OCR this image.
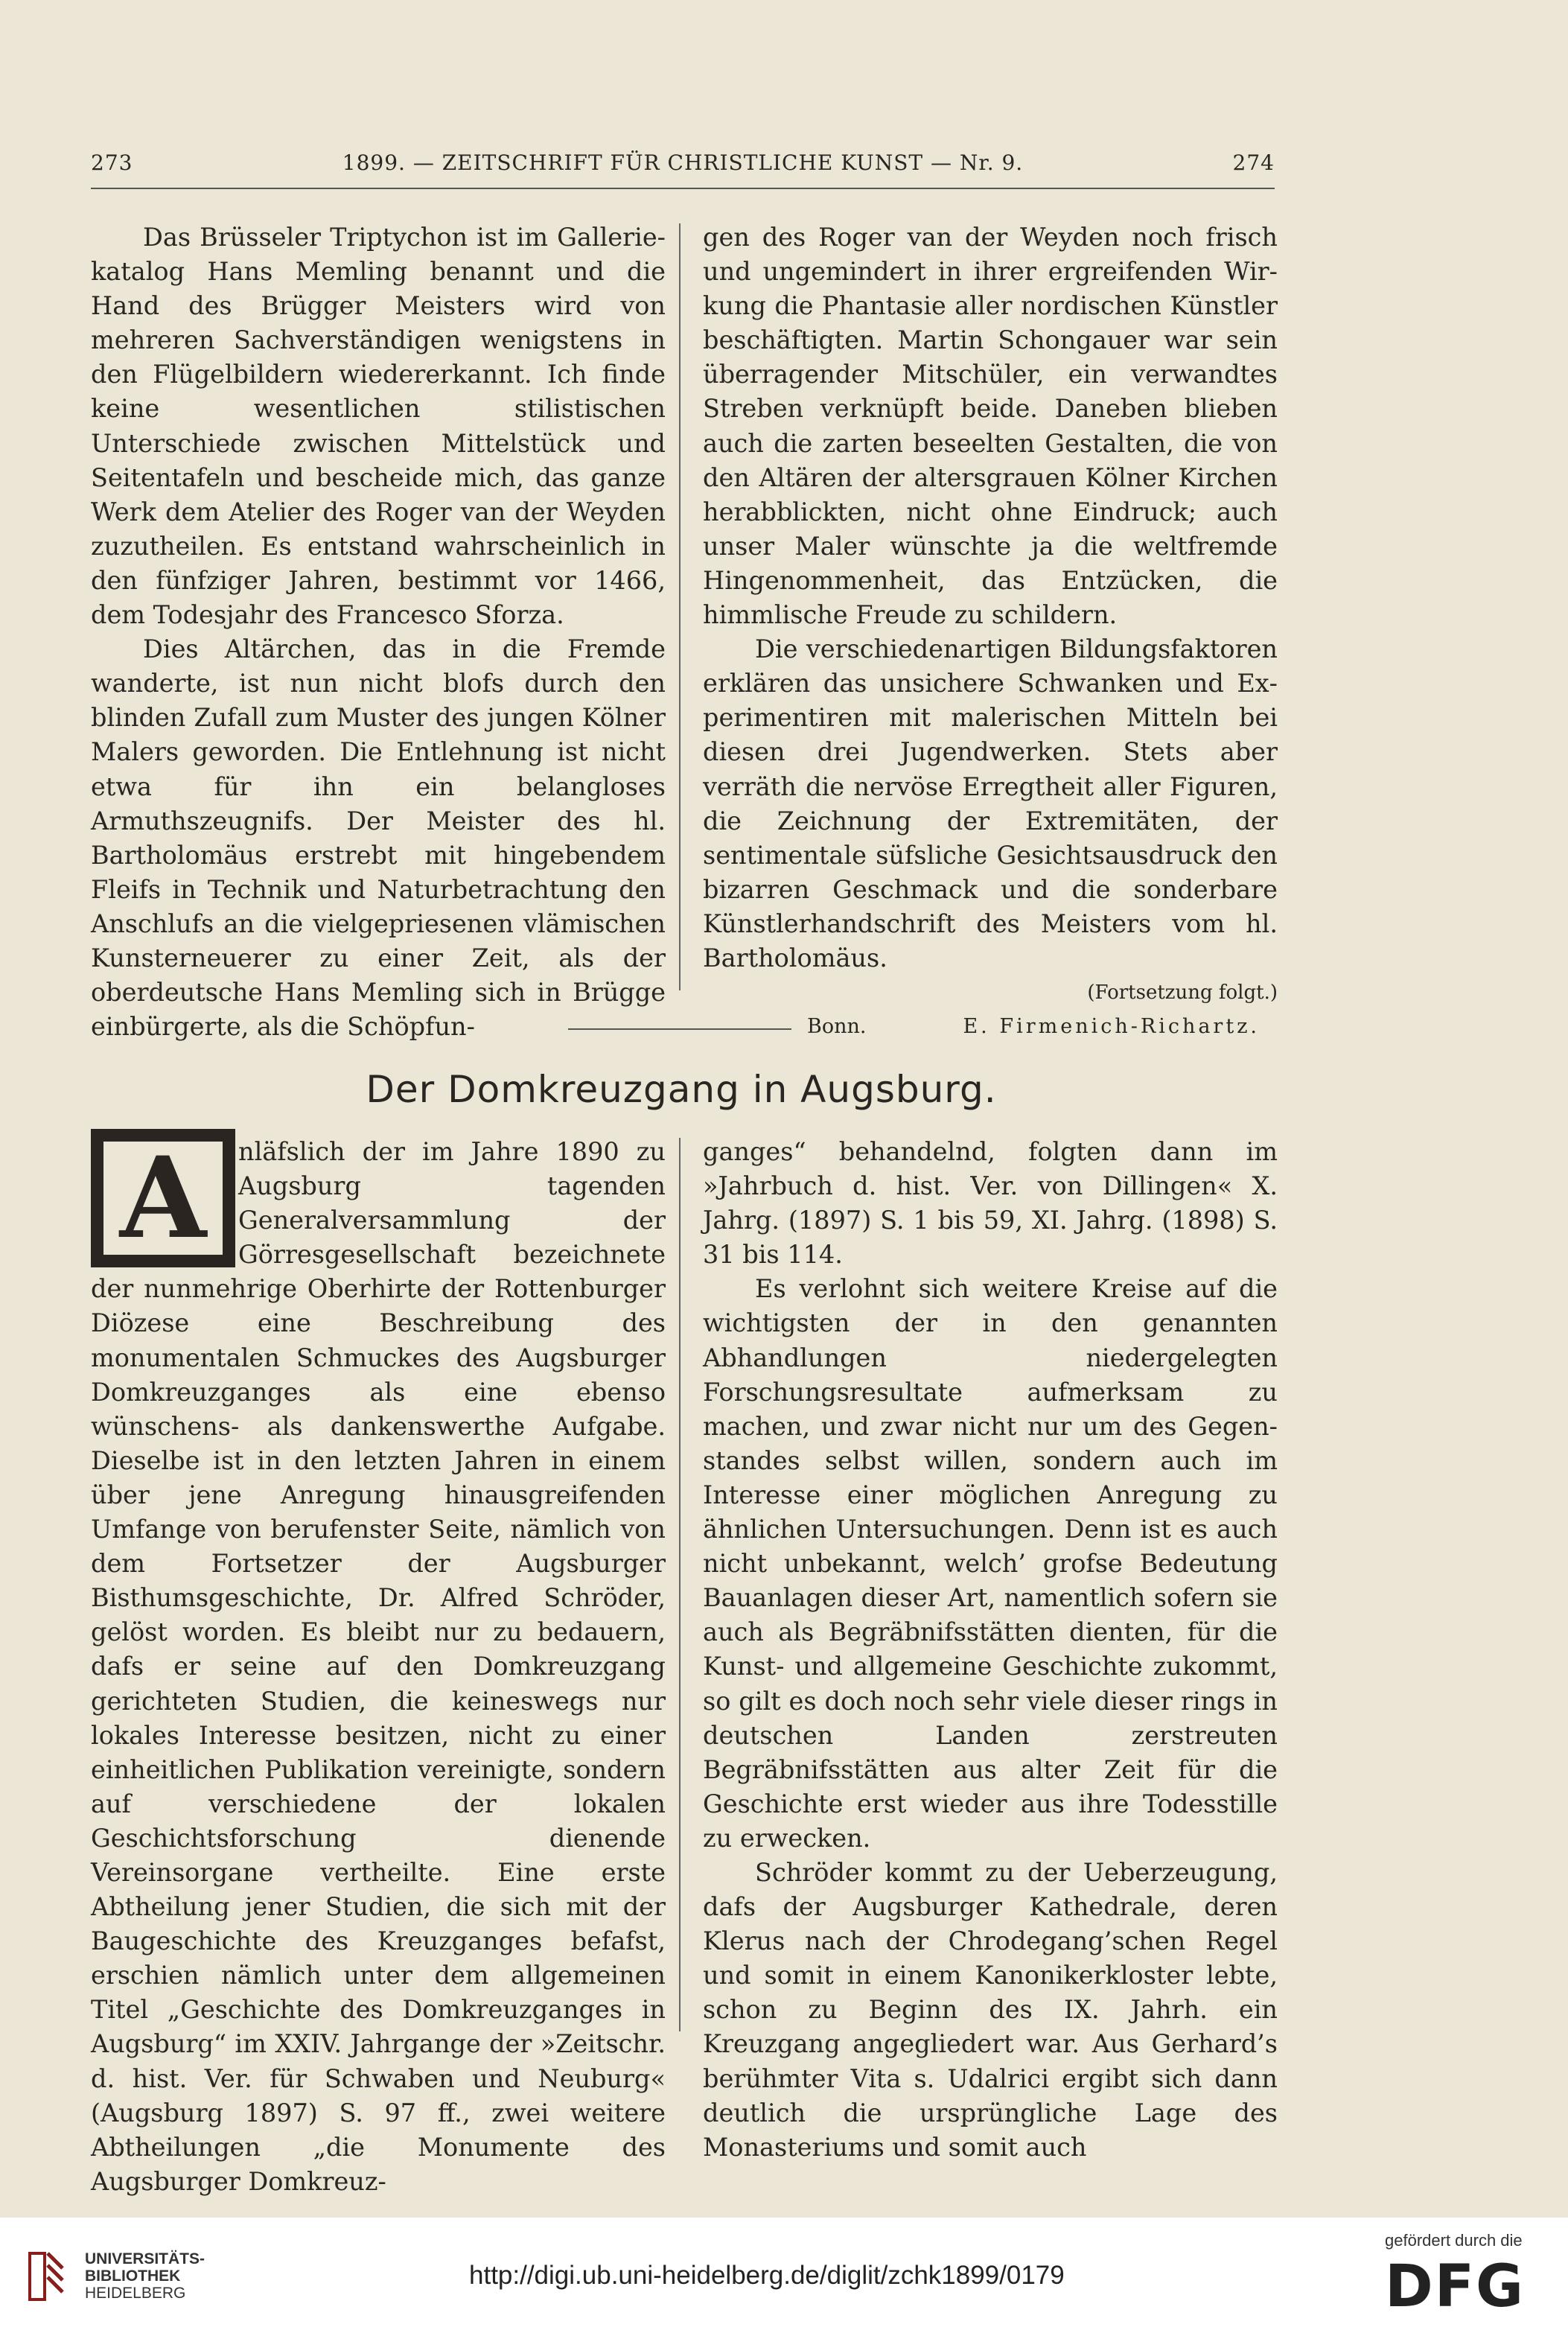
273	1899. — ZEITSCHRIFT FÜR CHRISTLICHE KUNST — Nr. 9.	274

Das Brüsseler Triptychon ist im Galleriekatalog Hans Memling benannt und die Hand des Brügger Meisters wird von mehreren Sachverständigen wenigstens in den Flügelbildern wiedererkannt. Ich finde keine wesentlichen stilistischen Unterschiede zwischen Mittelstück und Seitentafeln und bescheide mich, das ganze Werk dem Atelier des Roger van der Weyden zuzutheilen. Es entstand wahrscheinlich in den fünfziger Jahren, bestimmt vor 1466, dem Todesjahr des Francesco Sforza.

Dies Altärchen, das in die Fremde wanderte, ist nun nicht blofs durch den blinden Zufall zum Muster des jungen Kölner Malers geworden. Die Entlehnung ist nicht etwa für ihn ein belangloses Armuthszeugnifs. Der Meister des hl. Bartholomäus erstrebt mit hingebendem Fleifs in Technik und Naturbetrachtung den Anschlufs an die vielgepriesenen vlämischen Kunsterneuerer zu einer Zeit, als der oberdeutsche Hans Memling sich in Brügge einbürgerte, als die Schöpfun-

gen des Roger van der Weyden noch frisch und ungemindert in ihrer ergreifenden Wirkung die Phantasie aller nordischen Künstler beschäftigten. Martin Schongauer war sein überragender Mitschüler, ein verwandtes Streben verknüpft beide. Daneben blieben auch die zarten beseelten Gestalten, die von den Altären der altersgrauen Kölner Kirchen herabblickten, nicht ohne Eindruck; auch unser Maler wünschte ja die weltfremde Hingenommenheit, das Entzücken, die himmlische Freude zu schildern.

Die verschiedenartigen Bildungsfaktoren erklären das unsichere Schwanken und Experimentiren mit malerischen Mitteln bei diesen drei Jugendwerken. Stets aber verräth die nervöse Erregtheit aller Figuren, die Zeichnung der Extremitäten, der sentimentale süfsliche Gesichtsausdruck den bizarren Geschmack und die sonderbare Künstlerhandschrift des Meisters vom hl. Bartholomäus.

(Fortsetzung folgt.)

Bonn.	E. Firmenich-Richartz.

Der Domkreuzgang in Augsburg.
A	nläfslich der im Jahre 1890 zu Augsburg tagenden Generalversammlung der Görresgesellschaft bezeichnete der nunmehrige Oberhirte der Rottenburger Diözese eine Beschreibung des monumentalen Schmuckes des Augsburger Domkreuzganges als eine ebenso wünschens- als dankenswerthe Aufgabe. Dieselbe ist in den letzten Jahren in einem über jene Anregung hinausgreifenden Umfange von berufenster Seite, nämlich von dem Fortsetzer der Augsburger Bisthumsgeschichte, Dr. Alfred Schröder, gelöst worden. Es bleibt nur zu bedauern, dafs er seine auf den Domkreuzgang gerichteten Studien, die keineswegs nur lokales Interesse besitzen, nicht zu einer einheitlichen Publikation vereinigte, sondern auf verschiedene der lokalen Geschichtsforschung dienende Vereinsorgane vertheilte. Eine erste Abtheilung jener Studien, die sich mit der Baugeschichte des Kreuzganges befafst, erschien nämlich unter dem allgemeinen Titel „Geschichte des Domkreuzganges in Augsburg“ im XXIV. Jahrgange der »Zeitschr. d. hist. Ver. für Schwaben und Neuburg« (Augsburg 1897) S. 97 ff., zwei weitere Abtheilungen „die Monumente des Augsburger Domkreuz-

ganges“ behandelnd, folgten dann im »Jahrbuch d. hist. Ver. von Dillingen« X. Jahrg. (1897) S. 1 bis 59, XI. Jahrg. (1898) S. 31 bis 114.

Es verlohnt sich weitere Kreise auf die wichtigsten der in den genannten Abhandlungen niedergelegten Forschungsresultate aufmerksam zu machen, und zwar nicht nur um des Gegenstandes selbst willen, sondern auch im Interesse einer möglichen Anregung zu ähnlichen Untersuchungen. Denn ist es auch nicht unbekannt, welch’ grofse Bedeutung Bauanlagen dieser Art, namentlich sofern sie auch als Begräbnifsstätten dienten, für die Kunst- und allgemeine Geschichte zukommt, so gilt es doch noch sehr viele dieser rings in deutschen Landen zerstreuten Begräbnifsstätten aus alter Zeit für die Geschichte erst wieder aus ihre Todesstille zu erwecken.

Schröder kommt zu der Ueberzeugung, dafs der Augsburger Kathedrale, deren Klerus nach der Chrodegang’schen Regel und somit in einem Kanonikerkloster lebte, schon zu Beginn des IX. Jahrh. ein Kreuzgang angegliedert war. Aus Gerhard’s berühmter Vita s. Udalrici ergibt sich dann deutlich die ursprüngliche Lage des Monasteriums und somit auch

UNIVERSITÄTS-
BIBLIOTHEK
HEIDELBERG
http://digi.ub.uni-heidelberg.de/diglit/zchk1899/0179
gefördert durch die
DFG
